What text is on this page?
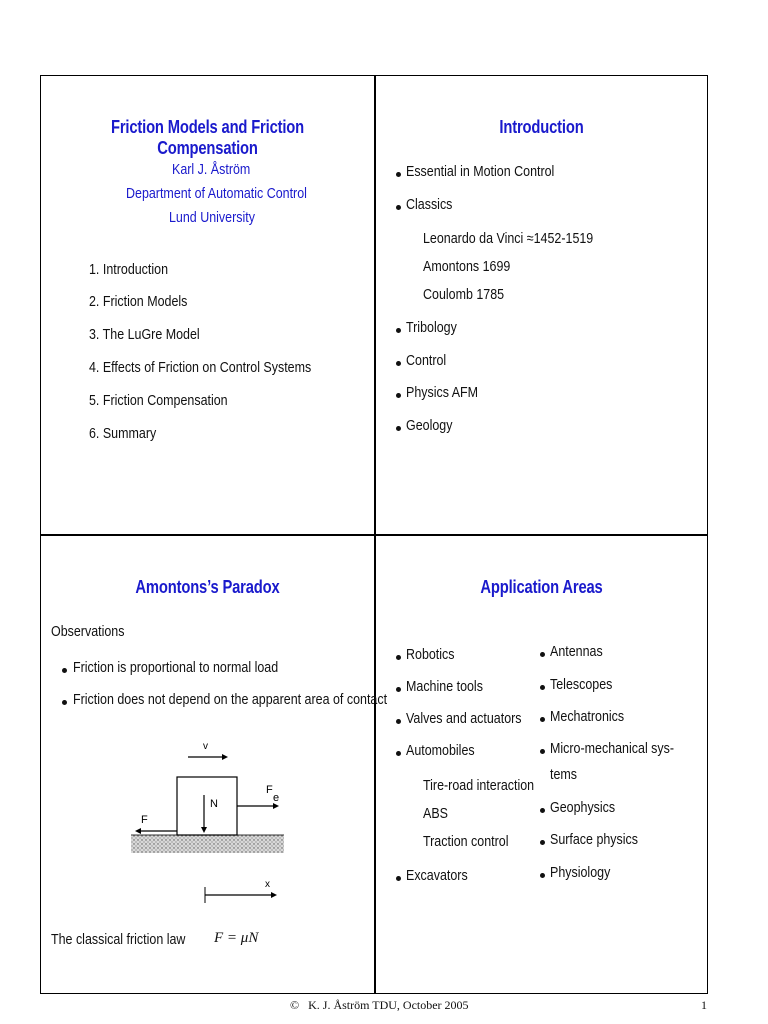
Friction Models and Friction Compensation
Karl J. Åström
Department of Automatic Control
Lund University
1. Introduction
2. Friction Models
3. The LuGre Model
4. Effects of Friction on Control Systems
5. Friction Compensation
6. Summary
Introduction
Essential in Motion Control
Classics
Leonardo da Vinci ≈1452-1519
Amontons 1699
Coulomb 1785
Tribology
Control
Physics AFM
Geology
Amontons’s Paradox
Observations
Friction is proportional to normal load
Friction does not depend on the apparent area of contact
v
N
F
e
F
x
The classical friction law F = μN
Application Areas
Robotics
Machine tools
Valves and actuators
Automobiles
Tire-road interaction
ABS
Traction control
Excavators
Antennas
Telescopes
Mechatronics
Micro-mechanical sys-
tems
Geophysics
Surface physics
Physiology
© K. J. Åström TDU, October 2005	1
